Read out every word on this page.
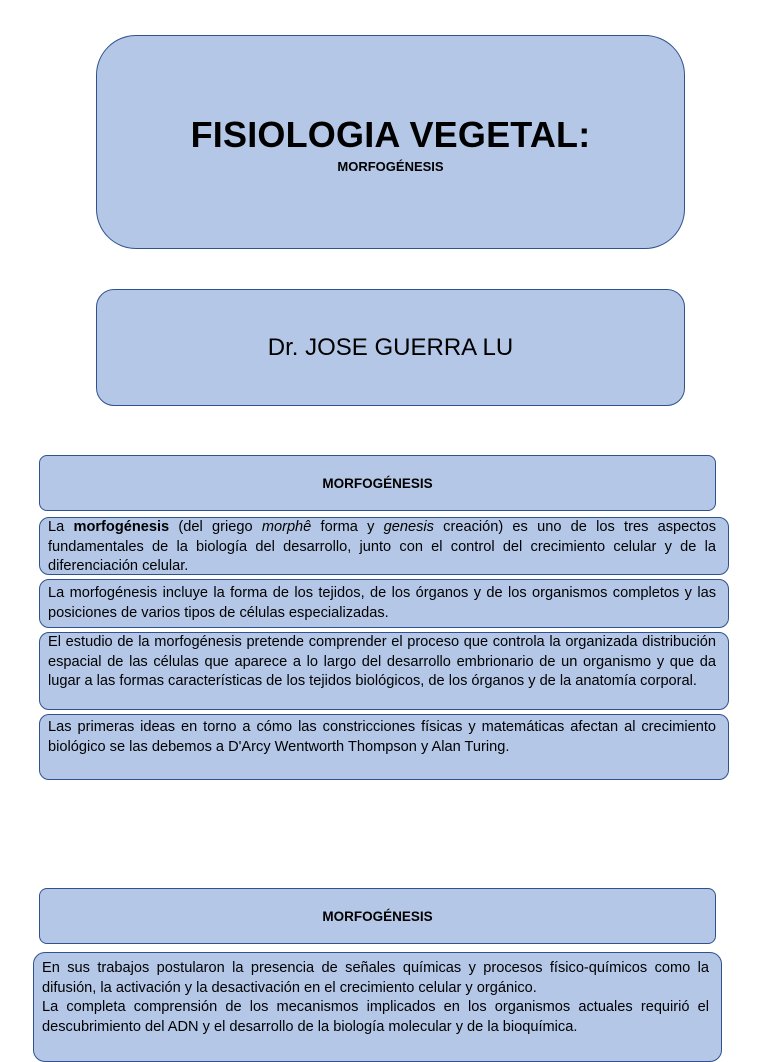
FISIOLOGIA VEGETAL:
MORFOGÉNESIS
Dr. JOSE GUERRA LU
MORFOGÉNESIS
La morfogénesis (del griego morphê forma y genesis creación) es uno de los tres aspectos fundamentales de la biología del desarrollo, junto con el control del crecimiento celular y de la diferenciación celular.
La morfogénesis incluye la forma de los tejidos, de los órganos y de los organismos completos y las posiciones de varios tipos de células especializadas.
El estudio de la morfogénesis pretende comprender el proceso que controla la organizada distribución espacial de las células que aparece a lo largo del desarrollo embrionario de un organismo y que da lugar a las formas características de los tejidos biológicos, de los órganos y de la anatomía corporal.
Las primeras ideas en torno a cómo las constricciones físicas y matemáticas afectan al crecimiento biológico se las debemos a D'Arcy Wentworth Thompson y Alan Turing.
MORFOGÉNESIS
En sus trabajos postularon la presencia de señales químicas y procesos físico-químicos como la difusión, la activación y la desactivación en el crecimiento celular y orgánico.
La completa comprensión de los mecanismos implicados en los organismos actuales requirió el descubrimiento del ADN y el desarrollo de la biología molecular y de la bioquímica.
